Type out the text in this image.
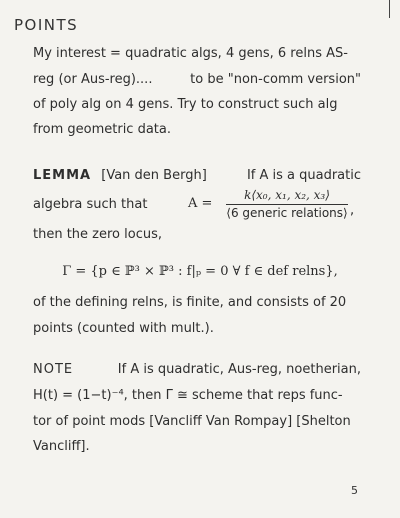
POINTS
My interest = quadratic algs, 4 gens, 6 relns AS-
reg (or Aus-reg)....	to be "non-comm version"
of poly alg on 4 gens. Try to construct such alg
from geometric data.
LEMMA [Van den Bergh]	If A is a quadratic
algebra such that	A =
k⟨x₀, x₁, x₂, x₃⟩
⟨6 generic relations⟩ ,
then the zero locus,
Γ = {p ∈ ℙ³ × ℙ³ : f|ₚ = 0 ∀ f ∈ def relns},
of the defining relns, is finite, and consists of 20
points (counted with mult.).
NOTE	If A is quadratic, Aus-reg, noetherian,
H(t) = (1−t)⁻⁴, then Γ ≅ scheme that reps func-
tor of point mods [Vancliff Van Rompay] [Shelton
Vancliff].
5
